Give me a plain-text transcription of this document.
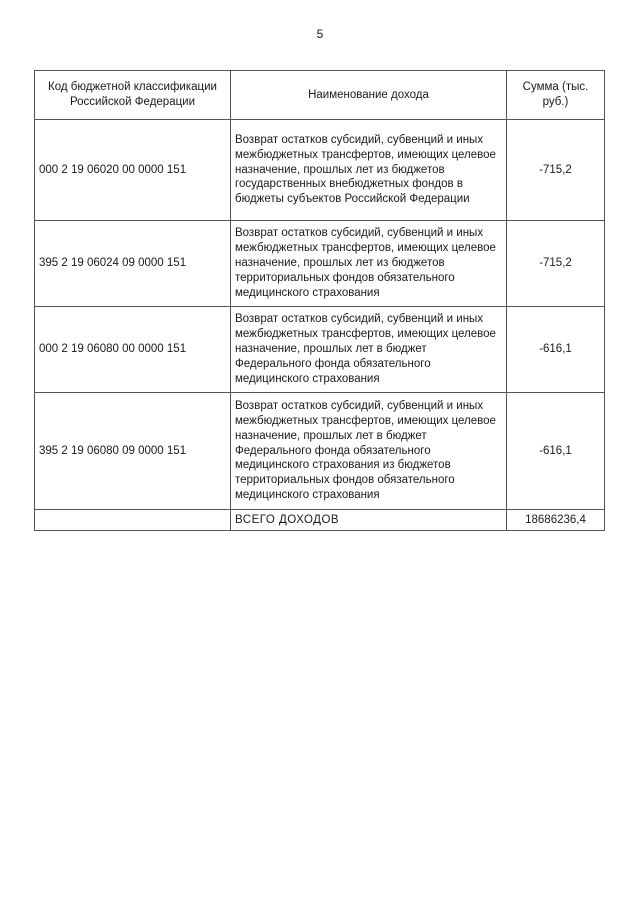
5
Код бюджетной классификации Российской Федерации	Наименование дохода	Сумма (тыс. руб.)
000 2 19 06020 00 0000 151	Возврат остатков субсидий, субвенций и иных межбюджетных трансфертов, имеющих целевое назначение, прошлых лет из бюджетов государственных внебюджетных фондов в бюджеты субъектов Российской Федерации	-715,2
395 2 19 06024 09 0000 151	Возврат остатков субсидий, субвенций и иных межбюджетных трансфертов, имеющих целевое назначение, прошлых лет из бюджетов территориальных фондов обязательного медицинского страхования	-715,2
000 2 19 06080 00 0000 151	Возврат остатков субсидий, субвенций и иных межбюджетных трансфертов, имеющих целевое назначение, прошлых лет в бюджет Федерального фонда обязательного медицинского страхования	-616,1
395 2 19 06080 09 0000 151	Возврат остатков субсидий, субвенций и иных межбюджетных трансфертов, имеющих целевое назначение, прошлых лет в бюджет Федерального фонда обязательного медицинского страхования из бюджетов территориальных фондов обязательного медицинского страхования	-616,1
	ВСЕГО ДОХОДОВ	18686236,4
